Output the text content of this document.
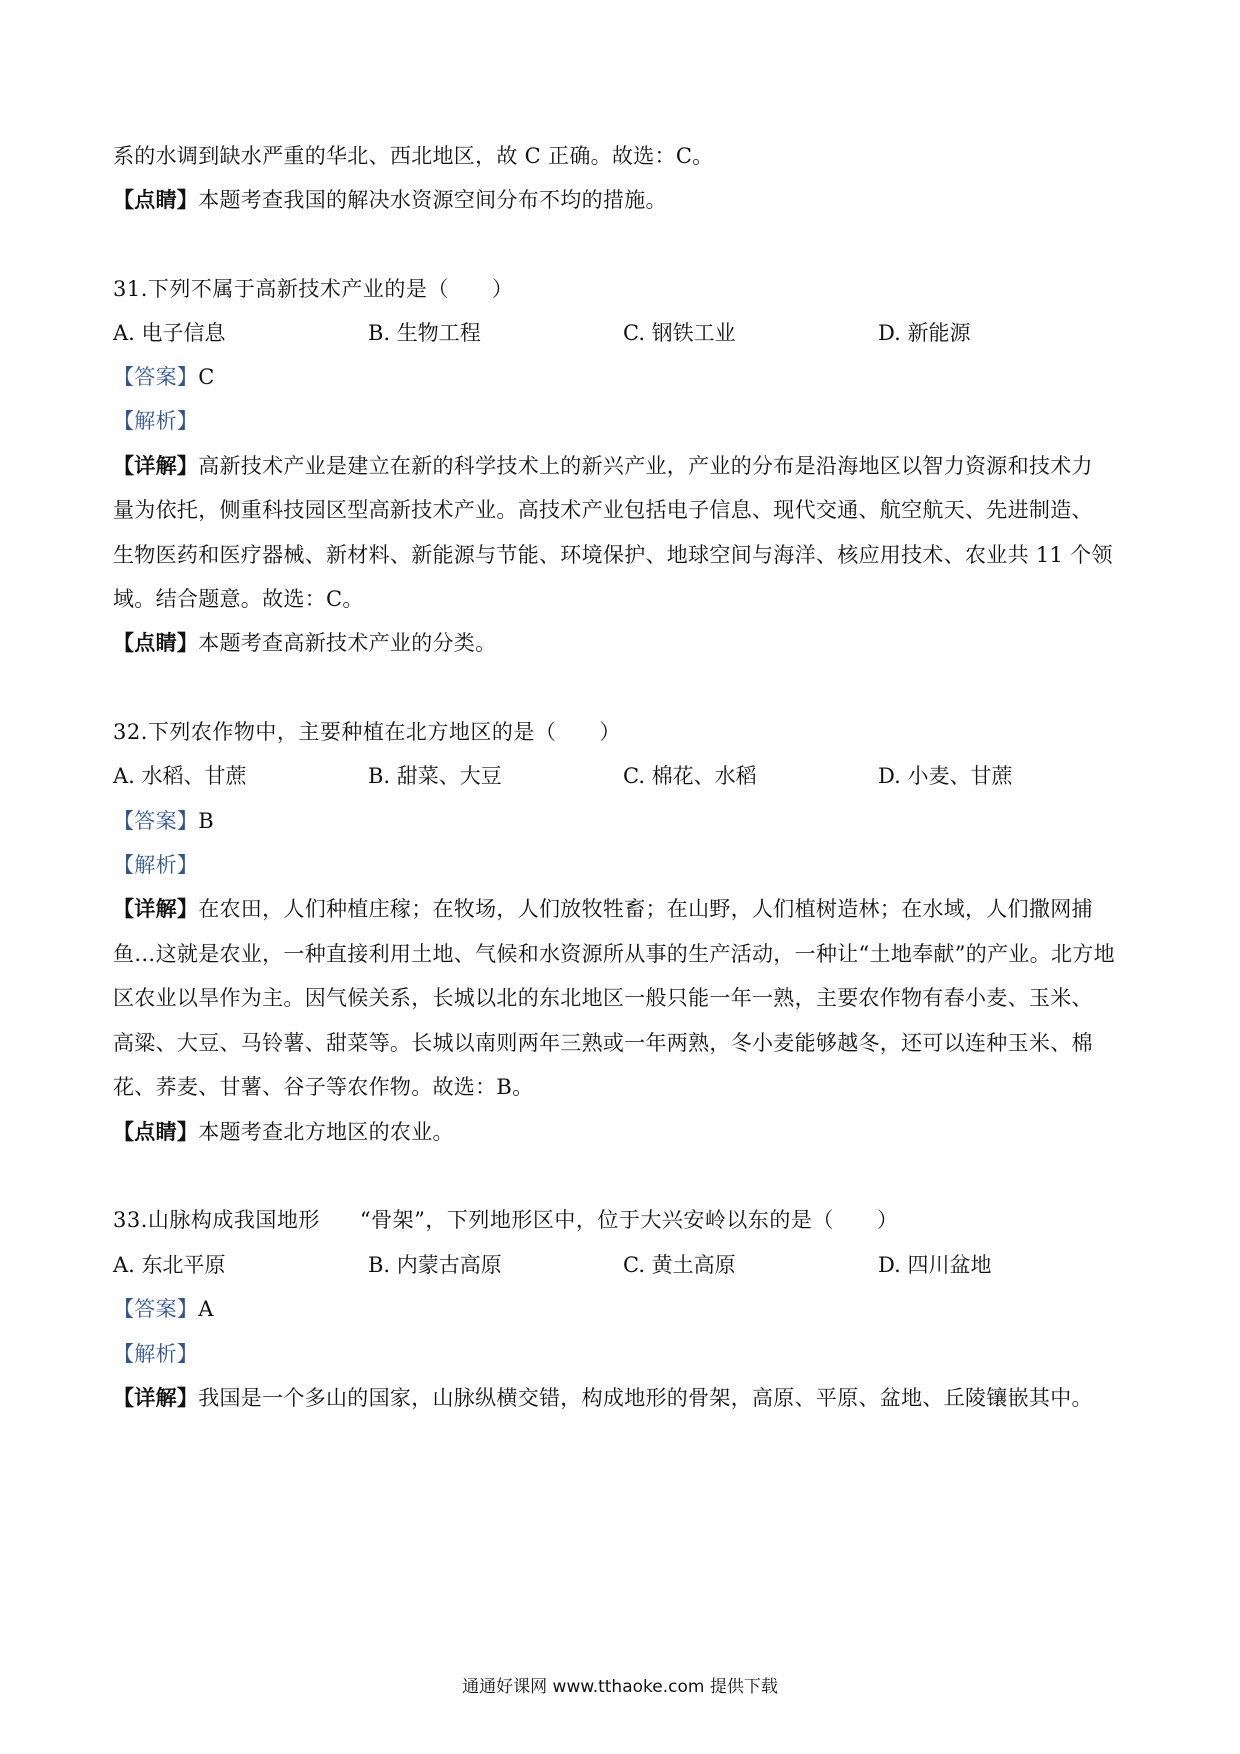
系的水调到缺水严重的华北、西北地区，故 C 正确。故选：C。
【点睛】本题考查我国的解决水资源空间分布不均的措施。
31.下列不属于高新技术产业的是（　　）
A. 电子信息	B. 生物工程	C. 钢铁工业	D. 新能源
【答案】C
【解析】
【详解】高新技术产业是建立在新的科学技术上的新兴产业，产业的分布是沿海地区以智力资源和技术力
量为依托，侧重科技园区型高新技术产业。高技术产业包括电子信息、现代交通、航空航天、先进制造、
生物医药和医疗器械、新材料、新能源与节能、环境保护、地球空间与海洋、核应用技术、农业共 11 个领
域。结合题意。故选：C。
【点睛】本题考查高新技术产业的分类。
32.下列农作物中，主要种植在北方地区的是（　　）
A. 水稻、甘蔗	B. 甜菜、大豆	C. 棉花、水稻	D. 小麦、甘蔗
【答案】B
【解析】
【详解】在农田，人们种植庄稼；在牧场，人们放牧牲畜；在山野，人们植树造林；在水域，人们撒网捕
鱼…这就是农业，一种直接利用土地、气候和水资源所从事的生产活动，一种让“土地奉献”的产业。北方地
区农业以旱作为主。因气候关系，长城以北的东北地区一般只能一年一熟，主要农作物有春小麦、玉米、
高粱、大豆、马铃薯、甜菜等。长城以南则两年三熟或一年两熟，冬小麦能够越冬，还可以连种玉米、棉
花、荞麦、甘薯、谷子等农作物。故选：B。
【点睛】本题考查北方地区的农业。
33.山脉构成我国地形 “骨架”，下列地形区中，位于大兴安岭以东的是（　　）
A. 东北平原	B. 内蒙古高原	C. 黄土高原	D. 四川盆地
【答案】A
【解析】
【详解】我国是一个多山的国家，山脉纵横交错，构成地形的骨架，高原、平原、盆地、丘陵镶嵌其中。
通通好课网 www.tthaoke.com 提供下载
